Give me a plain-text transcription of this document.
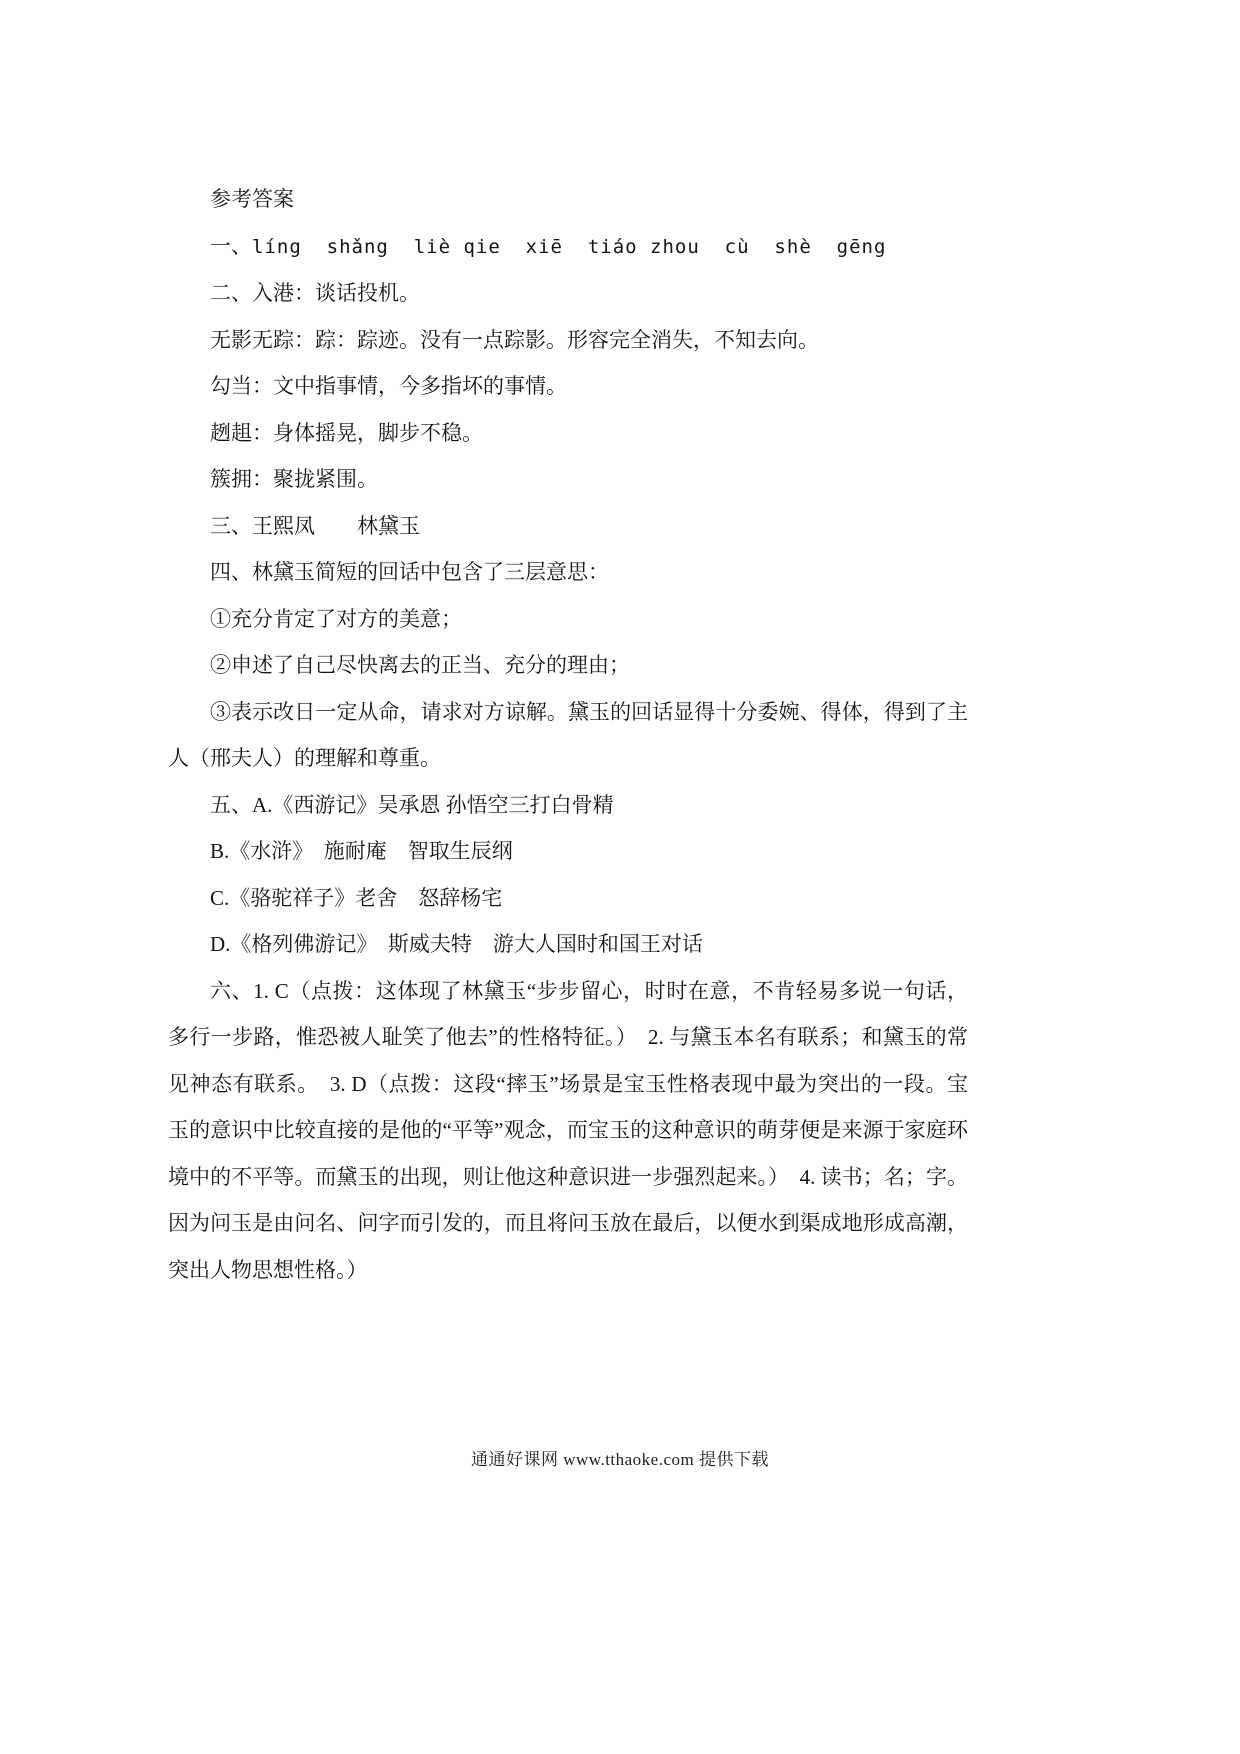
参考答案

一、líng  shǎng  liè qie  xiē  tiáo zhou  cù  shè  gēng

二、入港：谈话投机。

无影无踪：踪：踪迹。没有一点踪影。形容完全消失，不知去向。

勾当：文中指事情，今多指坏的事情。

趔趄：身体摇晃，脚步不稳。

簇拥：聚拢紧围。

三、王熙凤　　林黛玉

四、林黛玉简短的回话中包含了三层意思：

①充分肯定了对方的美意；

②申述了自己尽快离去的正当、充分的理由；

③表示改日一定从命，请求对方谅解。黛玉的回话显得十分委婉、得体，得到了主人（邢夫人）的理解和尊重。

五、A.《西游记》吴承恩 孙悟空三打白骨精

B.《水浒》　施耐庵　智取生辰纲

C.《骆驼祥子》老舍　怒辞杨宅

D.《格列佛游记》　斯威夫特　游大人国时和国王对话

六、1. C（点拨：这体现了林黛玉“步步留心，时时在意，不肯轻易多说一句话，多行一步路，惟恐被人耻笑了他去”的性格特征。）　2. 与黛玉本名有联系；和黛玉的常见神态有联系。　3. D（点拨：这段“摔玉”场景是宝玉性格表现中最为突出的一段。宝玉的意识中比较直接的是他的“平等”观念，而宝玉的这种意识的萌芽便是来源于家庭环境中的不平等。而黛玉的出现，则让他这种意识进一步强烈起来。）　4. 读书；名；字。因为问玉是由问名、问字而引发的，而且将问玉放在最后，以便水到渠成地形成高潮，突出人物思想性格。）

通通好课网 www.tthaoke.com 提供下载
